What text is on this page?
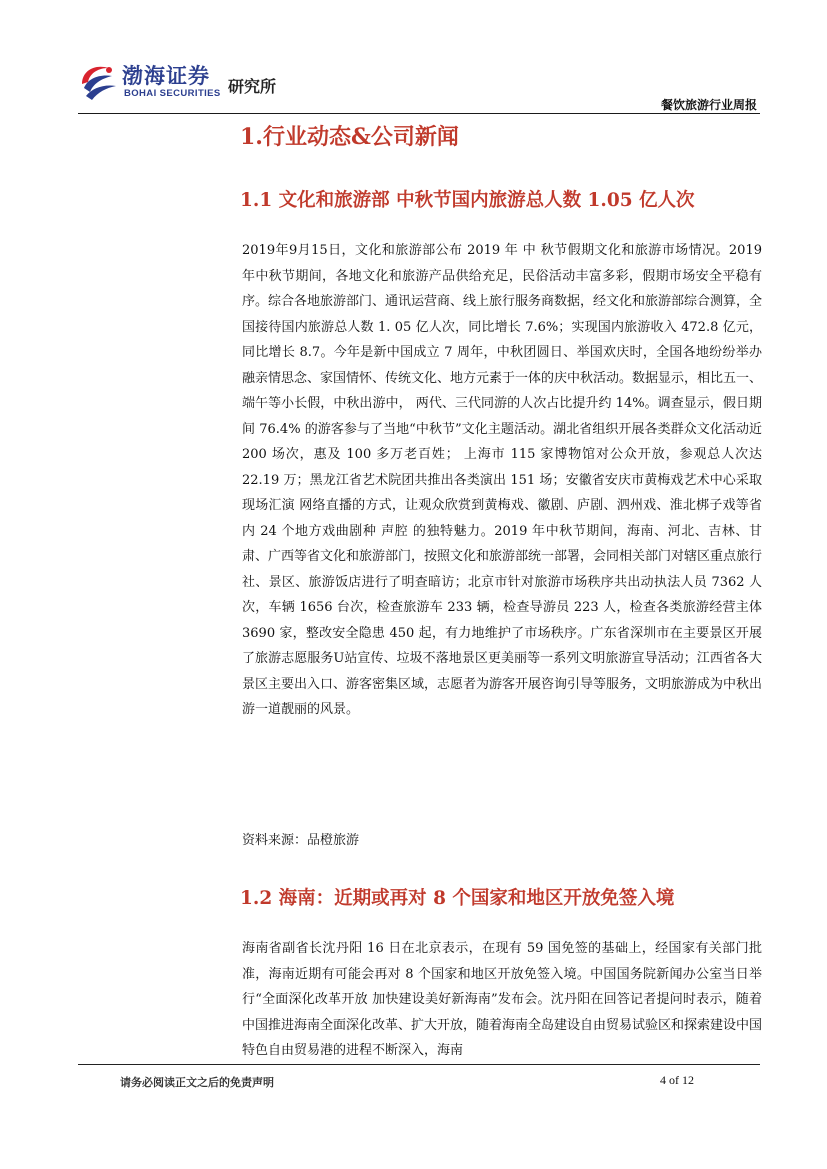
渤海证券
BOHAI SECURITIES 研究所
餐饮旅游行业周报
1.行业动态&公司新闻
1.1 文化和旅游部 中秋节国内旅游总人数 1.05 亿人次
2019年9月15日，文化和旅游部公布 2019 年 中 秋节假期文化和旅游市场情况。2019 年中秋节期间，各地文化和旅游产品供给充足，民俗活动丰富多彩，假期市场安全平稳有序。综合各地旅游部门、通讯运营商、线上旅行服务商数据，经文化和旅游部综合测算，全国接待国内旅游总人数 1. 05 亿人次，同比增长 7.6%；实现国内旅游收入 472.8 亿元，同比增长 8.7。今年是新中国成立 7 周年，中秋团圆日、举国欢庆时，全国各地纷纷举办融亲情思念、家国情怀、传统文化、地方元素于一体的庆中秋活动。数据显示，相比五一、端午等小长假，中秋出游中， 两代、三代同游的人次占比提升约 14%。调查显示，假日期间 76.4% 的游客参与了当地“中秋节”文化主题活动。湖北省组织开展各类群众文化活动近 200 场次，惠及 100 多万老百姓； 上海市 115 家博物馆对公众开放，参观总人次达 22.19 万；黑龙江省艺术院团共推出各类演出 151 场；安徽省安庆市黄梅戏艺术中心采取现场汇演 网络直播的方式，让观众欣赏到黄梅戏、徽剧、庐剧、泗州戏、淮北梆子戏等省内 24 个地方戏曲剧种 声腔 的独特魅力。2019 年中秋节期间，海南、河北、吉林、甘肃、广西等省文化和旅游部门，按照文化和旅游部统一部署，会同相关部门对辖区重点旅行社、景区、旅游饭店进行了明查暗访；北京市针对旅游市场秩序共出动执法人员 7362 人次，车辆 1656 台次，检查旅游车 233 辆，检查导游员 223 人，检查各类旅游经营主体 3690 家，整改安全隐患 450 起，有力地维护了市场秩序。广东省深圳市在主要景区开展了旅游志愿服务U站宣传、垃圾不落地景区更美丽等一系列文明旅游宣导活动；江西省各大景区主要出入口、游客密集区域，志愿者为游客开展咨询引导等服务，文明旅游成为中秋出游一道靓丽的风景。
资料来源：品橙旅游
1.2 海南：近期或再对 8 个国家和地区开放免签入境
海南省副省长沈丹阳 16 日在北京表示，在现有 59 国免签的基础上，经国家有关部门批准，海南近期有可能会再对 8 个国家和地区开放免签入境。中国国务院新闻办公室当日举行“全面深化改革开放 加快建设美好新海南”发布会。沈丹阳在回答记者提问时表示，随着中国推进海南全面深化改革、扩大开放，随着海南全岛建设自由贸易试验区和探索建设中国特色自由贸易港的进程不断深入，海南
请务必阅读正文之后的免责声明	4 of 12
